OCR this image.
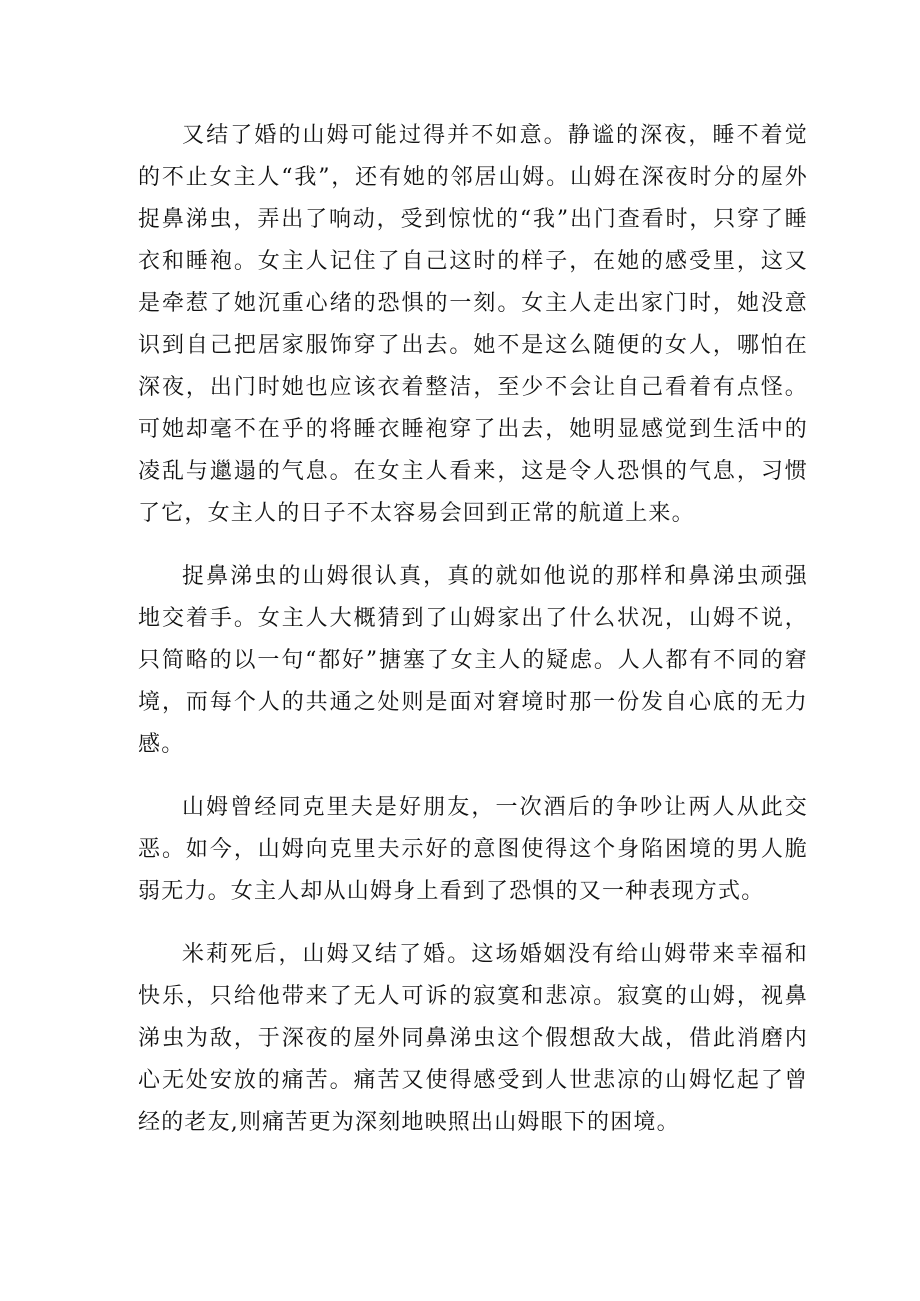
又结了婚的山姆可能过得并不如意。静谧的深夜，睡不着觉的不止女主人“我”，还有她的邻居山姆。山姆在深夜时分的屋外捉鼻涕虫，弄出了响动，受到惊忧的“我”出门查看时，只穿了睡衣和睡袍。女主人记住了自己这时的样子，在她的感受里，这又是牵惹了她沉重心绪的恐惧的一刻。女主人走出家门时，她没意识到自己把居家服饰穿了出去。她不是这么随便的女人，哪怕在深夜，出门时她也应该衣着整洁，至少不会让自己看着有点怪。可她却毫不在乎的将睡衣睡袍穿了出去，她明显感觉到生活中的凌乱与邋遢的气息。在女主人看来，这是令人恐惧的气息，习惯了它，女主人的日子不太容易会回到正常的航道上来。

捉鼻涕虫的山姆很认真，真的就如他说的那样和鼻涕虫顽强地交着手。女主人大概猜到了山姆家出了什么状况，山姆不说，只简略的以一句“都好”搪塞了女主人的疑虑。人人都有不同的窘境，而每个人的共通之处则是面对窘境时那一份发自心底的无力感。

山姆曾经同克里夫是好朋友，一次酒后的争吵让两人从此交恶。如今，山姆向克里夫示好的意图使得这个身陷困境的男人脆弱无力。女主人却从山姆身上看到了恐惧的又一种表现方式。

米莉死后，山姆又结了婚。这场婚姻没有给山姆带来幸福和快乐，只给他带来了无人可诉的寂寞和悲凉。寂寞的山姆，视鼻涕虫为敌，于深夜的屋外同鼻涕虫这个假想敌大战，借此消磨内心无处安放的痛苦。痛苦又使得感受到人世悲凉的山姆忆起了曾经的老友,则痛苦更为深刻地映照出山姆眼下的困境。
